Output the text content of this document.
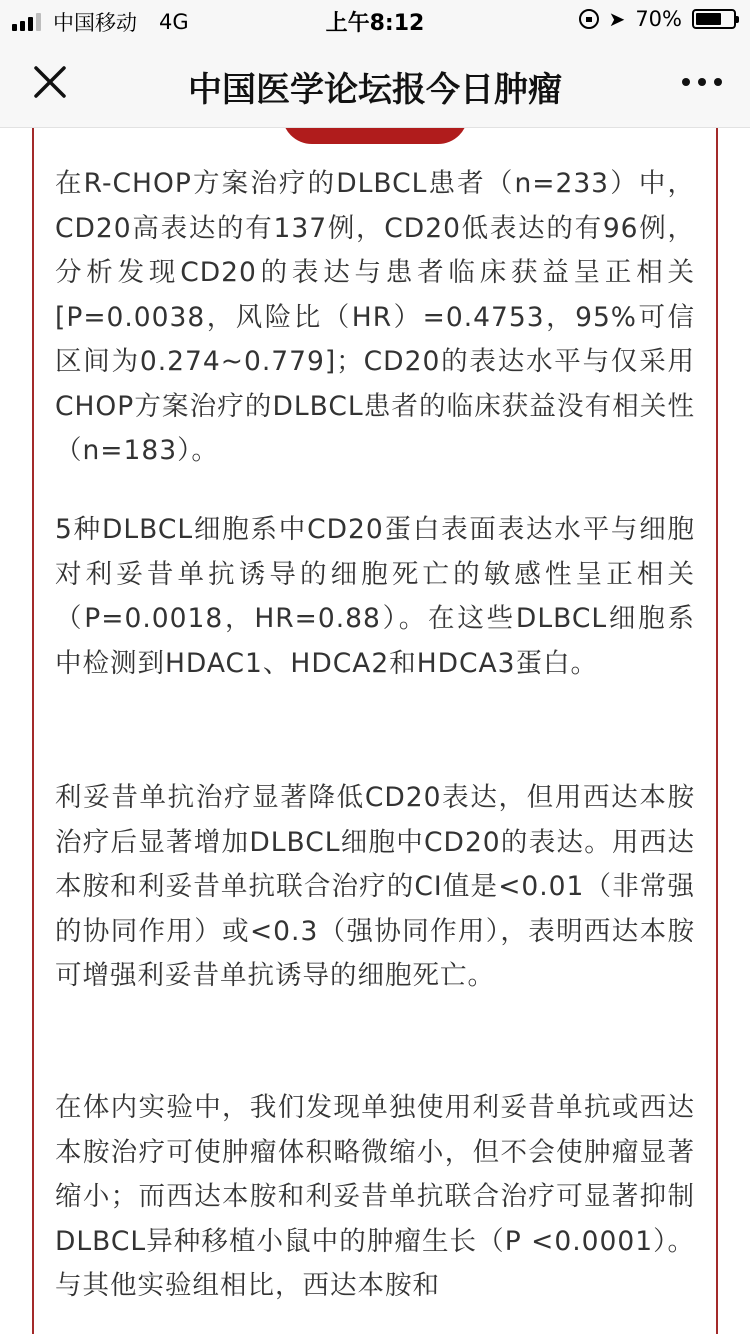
中国移动 4G	上午8:12	➤ 70%
中国医学论坛报今日肿瘤

在R-CHOP方案治疗的DLBCL患者（n=233）中，CD20高表达的有137例，CD20低表达的有96例，分析发现CD20的表达与患者临床获益呈正相关[P=0.0038，风险比（HR）=0.4753，95%可信区间为0.274~0.779]；CD20的表达水平与仅采用CHOP方案治疗的DLBCL患者的临床获益没有相关性（n=183）。

5种DLBCL细胞系中CD20蛋白表面表达水平与细胞对利妥昔单抗诱导的细胞死亡的敏感性呈正相关（P=0.0018，HR=0.88）。在这些DLBCL细胞系中检测到HDAC1、HDCA2和HDCA3蛋白。

利妥昔单抗治疗显著降低CD20表达，但用西达本胺治疗后显著增加DLBCL细胞中CD20的表达。用西达本胺和利妥昔单抗联合治疗的CI值是<0.01（非常强的协同作用）或<0.3（强协同作用），表明西达本胺可增强利妥昔单抗诱导的细胞死亡。

在体内实验中，我们发现单独使用利妥昔单抗或西达本胺治疗可使肿瘤体积略微缩小，但不会使肿瘤显著缩小；而西达本胺和利妥昔单抗联合治疗可显著抑制DLBCL异种移植小鼠中的肿瘤生长（P <0.0001）。与其他实验组相比，西达本胺和
